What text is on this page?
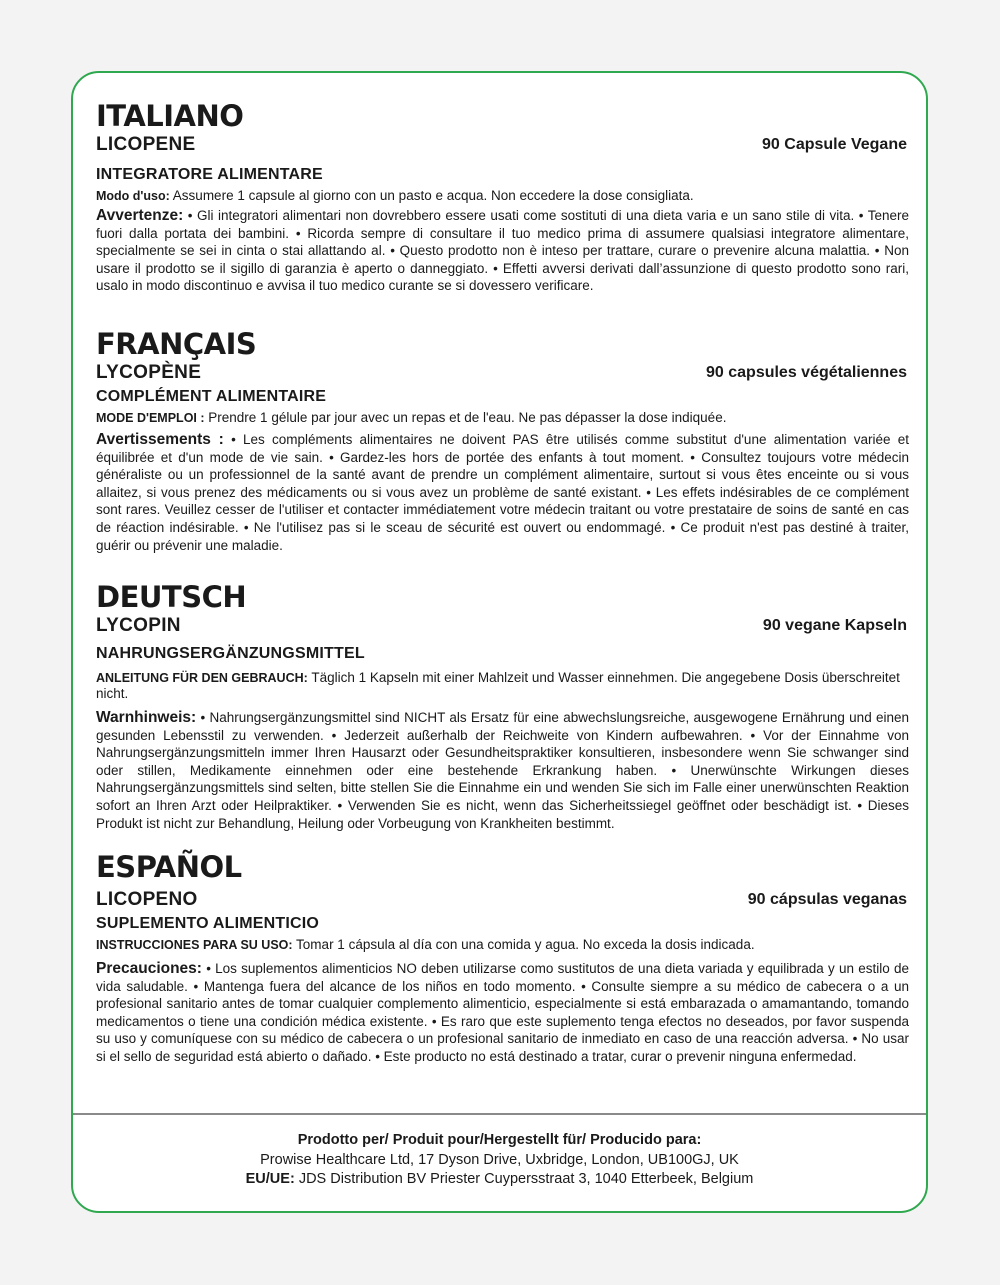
ITALIANO
LICOPENE	90 Capsule Vegane
INTEGRATORE ALIMENTARE
Modo d'uso: Assumere 1 capsule al giorno con un pasto e acqua. Non eccedere la dose consigliata.
Avvertenze: • Gli integratori alimentari non dovrebbero essere usati come sostituti di una dieta varia e un sano stile di vita. • Tenere fuori dalla portata dei bambini. • Ricorda sempre di consultare il tuo medico prima di assumere qualsiasi integratore alimentare, specialmente se sei in cinta o stai allattando al. • Questo prodotto non è inteso per trattare, curare o prevenire alcuna malattia. • Non usare il prodotto se il sigillo di garanzia è aperto o danneggiato. • Effetti avversi derivati dall’assunzione di questo prodotto sono rari, usalo in modo discontinuo e avvisa il tuo medico curante se si dovessero verificare.
FRANÇAIS
LYCOPÈNE	90 capsules végétaliennes
COMPLÉMENT ALIMENTAIRE
MODE D'EMPLOI : Prendre 1 gélule par jour avec un repas et de l'eau. Ne pas dépasser la dose indiquée.
Avertissements : • Les compléments alimentaires ne doivent PAS être utilisés comme substitut d'une alimentation variée et équilibrée et d'un mode de vie sain. • Gardez-les hors de portée des enfants à tout moment. • Consultez toujours votre médecin généraliste ou un professionnel de la santé avant de prendre un complément alimentaire, surtout si vous êtes enceinte ou si vous allaitez, si vous prenez des médicaments ou si vous avez un problème de santé existant. • Les effets indésirables de ce complément sont rares. Veuillez cesser de l'utiliser et contacter immédiatement votre médecin traitant ou votre prestataire de soins de santé en cas de réaction indésirable. • Ne l'utilisez pas si le sceau de sécurité est ouvert ou endommagé. • Ce produit n'est pas destiné à traiter, guérir ou prévenir une maladie.
DEUTSCH
LYCOPIN	90 vegane Kapseln
NAHRUNGSERGÄNZUNGSMITTEL
ANLEITUNG FÜR DEN GEBRAUCH: Täglich 1 Kapseln mit einer Mahlzeit und Wasser einnehmen. Die angegebene Dosis überschreitet nicht.
Warnhinweis: • Nahrungsergänzungsmittel sind NICHT als Ersatz für eine abwechslungsreiche, ausgewogene Ernährung und einen gesunden Lebensstil zu verwenden. • Jederzeit außerhalb der Reichweite von Kindern aufbewahren. • Vor der Einnahme von Nahrungsergänzungsmitteln immer Ihren Hausarzt oder Gesundheitspraktiker konsultieren, insbesondere wenn Sie schwanger sind oder stillen, Medikamente einnehmen oder eine bestehende Erkrankung haben. • Unerwünschte Wirkungen dieses Nahrungsergänzungsmittels sind selten, bitte stellen Sie die Einnahme ein und wenden Sie sich im Falle einer unerwünschten Reaktion sofort an Ihren Arzt oder Heilpraktiker. • Verwenden Sie es nicht, wenn das Sicherheitssiegel geöffnet oder beschädigt ist. • Dieses Produkt ist nicht zur Behandlung, Heilung oder Vorbeugung von Krankheiten bestimmt.
ESPAÑOL
LICOPENO	90 cápsulas veganas
SUPLEMENTO ALIMENTICIO
INSTRUCCIONES PARA SU USO: Tomar 1 cápsula al día con una comida y agua. No exceda la dosis indicada.
Precauciones: • Los suplementos alimenticios NO deben utilizarse como sustitutos de una dieta variada y equilibrada y un estilo de vida saludable. • Mantenga fuera del alcance de los niños en todo momento. • Consulte siempre a su médico de cabecera o a un profesional sanitario antes de tomar cualquier complemento alimenticio, especialmente si está embarazada o amamantando, tomando medicamentos o tiene una condición médica existente. • Es raro que este suplemento tenga efectos no deseados, por favor suspenda su uso y comuníquese con su médico de cabecera o un profesional sanitario de inmediato en caso de una reacción adversa. • No usar si el sello de seguridad está abierto o dañado. • Este producto no está destinado a tratar, curar o prevenir ninguna enfermedad.
Prodotto per/ Produit pour/Hergestellt für/ Producido para:
Prowise Healthcare Ltd, 17 Dyson Drive, Uxbridge, London, UB100GJ, UK
EU/UE: JDS Distribution BV Priester Cuypersstraat 3, 1040 Etterbeek, Belgium
